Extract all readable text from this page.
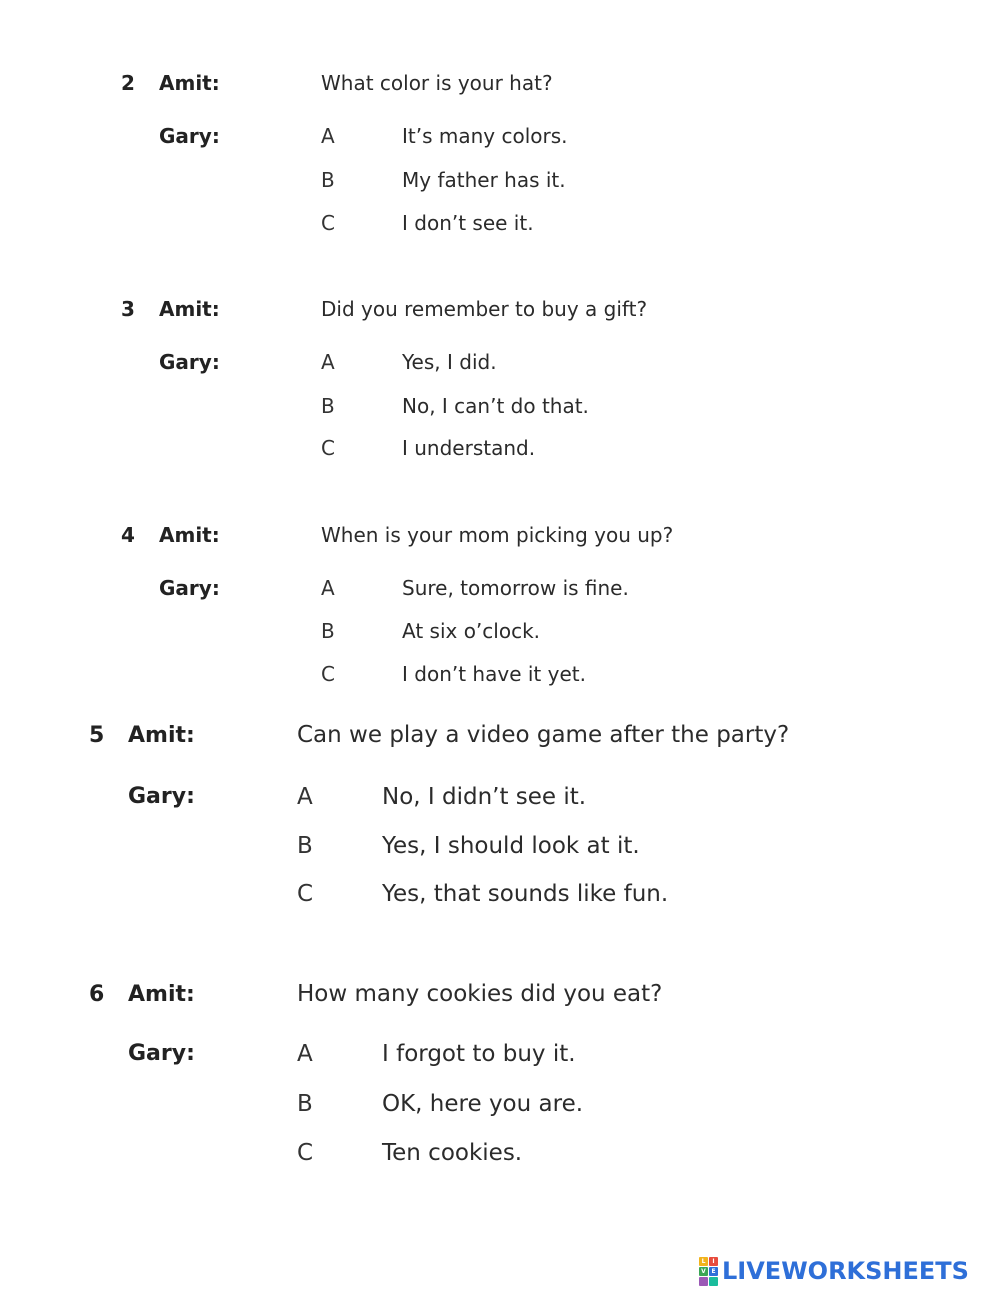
2 Amit:	What color is your hat?
Gary:	A	It’s many colors.
B	My father has it.
C	I don’t see it.
3 Amit:	Did you remember to buy a gift?
Gary:	A	Yes, I did.
B	No, I can’t do that.
C	I understand.
4 Amit:	When is your mom picking you up?
Gary:	A	Sure, tomorrow is fine.
B	At six o’clock.
C	I don’t have it yet.
5 Amit:	Can we play a video game after the party?
Gary:	A	No, I didn’t see it.
B	Yes, I should look at it.
C	Yes, that sounds like fun.
6 Amit:	How many cookies did you eat?
Gary:	A	I forgot to buy it.
B	OK, here you are.
C	Ten cookies.
L	I
V E LIVEWORKSHEETS
